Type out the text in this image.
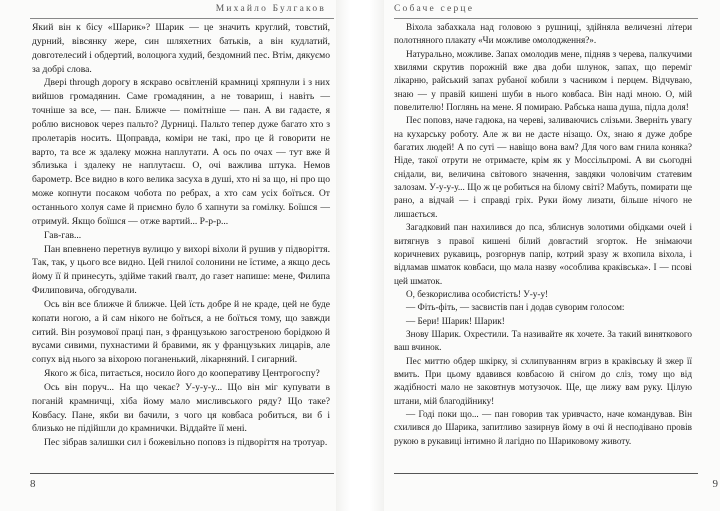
Михайло Булгаков

Який він к бісу «Шарик»? Шарик — це значить круглий, товстий, дурний, вівсянку жере, син шляхетних батьків, а він кудлатий, довготелесий і обдертий, волоцюга худий, бездомний пес. Втім, дякуємо за добрі слова.

Двері through дорогу в яскраво освітленій крамниці хряпнули і з них вийшов громадянин. Саме громадянин, а не товариш, і навіть — точніше за все, — пан. Ближче — помітніше — пан. А ви гадаєте, я роблю висновок через пальто? Дурниці. Пальто тепер дуже багато хто з пролетарів носить. Щоправда, коміри не такі, про це й говорити не варто, та все ж здалеку можна наплутати. А ось по очах — тут вже й зблизька і здалеку не наплутаєш. О, очі важлива штука. Немов барометр. Все видно в кого велика засуха в душі, хто ні за що, ні про що може копнути посаком чобота по ребрах, а хто сам усіх боїться. От останнього холуя саме й приємно було б хапнути за гомілку. Боїшся — отримуй. Якщо боїшся — отже вартий... Р-р-р...

Гав-гав...

Пан впевнено перетнув вулицю у вихорі віхоли й рушив у підворіття. Так, так, у цього все видно. Цей гнилої солонини не їстиме, а якщо десь йому її й принесуть, здійме такий ґвалт, до газет напише: мене, Филипа Филиповича, обгодували.

Ось він все ближче й ближче. Цей їсть добре й не краде, цей не буде копати ногою, а й сам нікого не боїться, а не боїться тому, що завжди ситий. Він розумової праці пан, з французькою загостреною борідкою й вусами сивими, пухнастими й бравими, як у французьких лицарів, але сопух від нього за віхорою поганенький, лікарняний. І сигарний.

Якого ж біса, питається, носило його до кооперативу Центрогоспу?

Ось він поруч... На що чекає? У-у-у-у... Що він міг купувати в поганій крамничці, хіба йому мало мисливського ряду? Що таке? Ковбасу. Пане, якби ви бачили, з чого ця ковбаса робиться, ви б і близько не підійшли до крамнички. Віддайте її мені.

Пес зібрав залишки сил і божевільно поповз із підворіття на тротуар.

8
Собаче серце

Віхола забахкала над головою з рушниці, здійняла величезні літери полотняного плакату «Чи можливе омолодження?».

Натурально, можливе. Запах омолодив мене, підняв з черева, палкучими хвилями скрутив порожній вже два доби шлунок, запах, що переміг лікарню, райський запах рубаної кобили з часником і перцем. Відчуваю, знаю — у правій кишені шуби в нього ковбаса. Він наді мною. О, мій повелителю! Поглянь на мене. Я помираю. Рабська наша душа, підла доля!

Пес поповз, наче гадюка, на череві, заливаючись слізьми. Зверніть увагу на кухарську роботу. Але ж ви не дасте нізащо. Ох, знаю я дуже добре багатих людей! А по суті — навіщо вона вам? Для чого вам гнила коняка? Ніде, такої отрути не отримаєте, крім як у Моссільпромі. А ви сьогодні снідали, ви, величина світового значення, завдяки чоловічим статевим залозам. У-у-у-у... Що ж це робиться на білому світі? Мабуть, помирати ще рано, а відчай — і справді гріх. Руки йому лизати, більше нічого не лишається.

Загадковий пан нахилився до пса, зблиснув золотими обідками очей і витягнув з правої кишені білий довгастий згорток. Не знімаючи коричневих рукавиць, розгорнув папір, котрий зразу ж вхопила віхола, і відламав шматок ковбаси, що мала назву «особлива краківська». І — псові цей шматок.

О, безкорислива особистість! У-у-у!

— Фіть-фіть, — засвистів пан і додав суворим голосом:

— Бери! Шарик! Шарик!

Знову Шарик. Охрестили. Та називайте як хочете. За такий виняткового ваш вчинок.

Пес миттю обдер шкірку, зі схлипуванням вгриз в краківську й зжер її вмить. При цьому вдавився ковбасою й снігом до сліз, тому що від жадібності мало не заковтнув мотузочок. Ще, ще лижу вам руку. Цілую штани, мій благодійнику!

— Годі поки що... — пан говорив так уривчасто, наче командував. Він схилився до Шарика, запитливо зазирнув йому в очі й несподівано провів рукою в рукавиці інтимно й лагідно по Шариковому животу.

9
